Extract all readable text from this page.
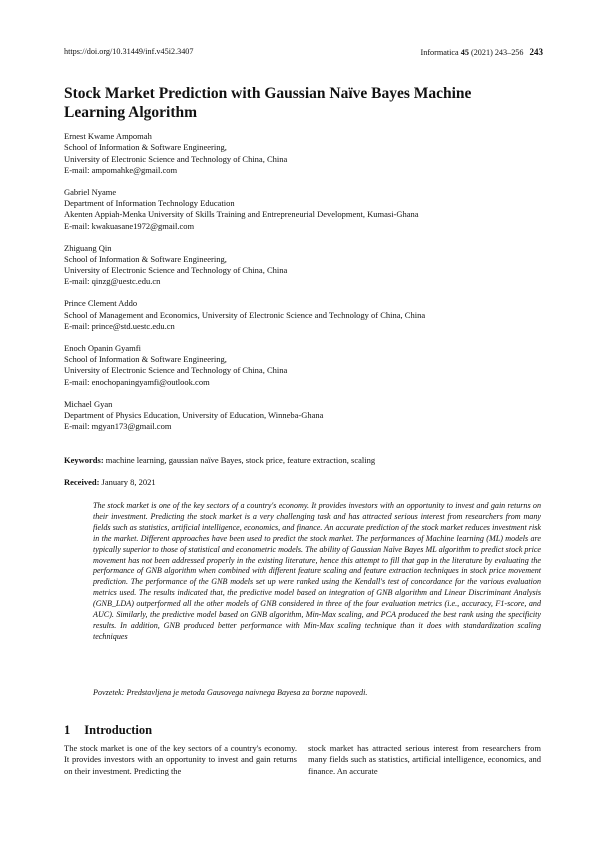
https://doi.org/10.31449/inf.v45i2.3407	Informatica 45 (2021) 243–256 243
Stock Market Prediction with Gaussian Naïve Bayes Machine
Learning Algorithm
Ernest Kwame Ampomah
School of Information & Software Engineering,
University of Electronic Science and Technology of China, China
E-mail: ampomahke@gmail.com
Gabriel Nyame
Department of Information Technology Education
Akenten Appiah-Menka University of Skills Training and Entrepreneurial Development, Kumasi-Ghana
E-mail: kwakuasane1972@gmail.com
Zhiguang Qin
School of Information & Software Engineering,
University of Electronic Science and Technology of China, China
E-mail: qinzg@uestc.edu.cn
Prince Clement Addo
School of Management and Economics, University of Electronic Science and Technology of China, China
E-mail: prince@std.uestc.edu.cn
Enoch Opanin Gyamfi
School of Information & Software Engineering,
University of Electronic Science and Technology of China, China
E-mail: enochopaningyamfi@outlook.com
Michael Gyan
Department of Physics Education, University of Education, Winneba-Ghana
E-mail: mgyan173@gmail.com
Keywords: machine learning, gaussian naïve Bayes, stock price, feature extraction, scaling
Received: January 8, 2021

The stock market is one of the key sectors of a country's economy. It provides investors with an opportunity to invest and gain returns on their investment. Predicting the stock market is a very challenging task and has attracted serious interest from researchers from many fields such as statistics, artificial intelligence, economics, and finance. An accurate prediction of the stock market reduces investment risk in the market. Different approaches have been used to predict the stock market. The performances of Machine learning (ML) models are typically superior to those of statistical and econometric models. The ability of Gaussian Naïve Bayes ML algorithm to predict stock price movement has not been addressed properly in the existing literature, hence this attempt to fill that gap in the literature by evaluating the performance of GNB algorithm when combined with different feature scaling and feature extraction techniques in stock price movement prediction. The performance of the GNB models set up were ranked using the Kendall's test of concordance for the various evaluation metrics used. The results indicated that, the predictive model based on integration of GNB algorithm and Linear Discriminant Analysis (GNB_LDA) outperformed all the other models of GNB considered in three of the four evaluation metrics (i.e., accuracy, F1-score, and AUC). Similarly, the predictive model based on GNB algorithm, Min-Max scaling, and PCA produced the best rank using the specificity results. In addition, GNB produced better performance with Min-Max scaling technique than it does with standardization scaling techniques

Povzetek: Predstavljena je metoda Gausovega naivnega Bayesa za borzne napovedi.
1 Introduction
The stock market is one of the key sectors of a country's economy. It provides investors with an opportunity to invest and gain returns on their investment. Predicting the
stock market has attracted serious interest from researchers from many fields such as statistics, artificial intelligence, economics, and finance. An accurate
